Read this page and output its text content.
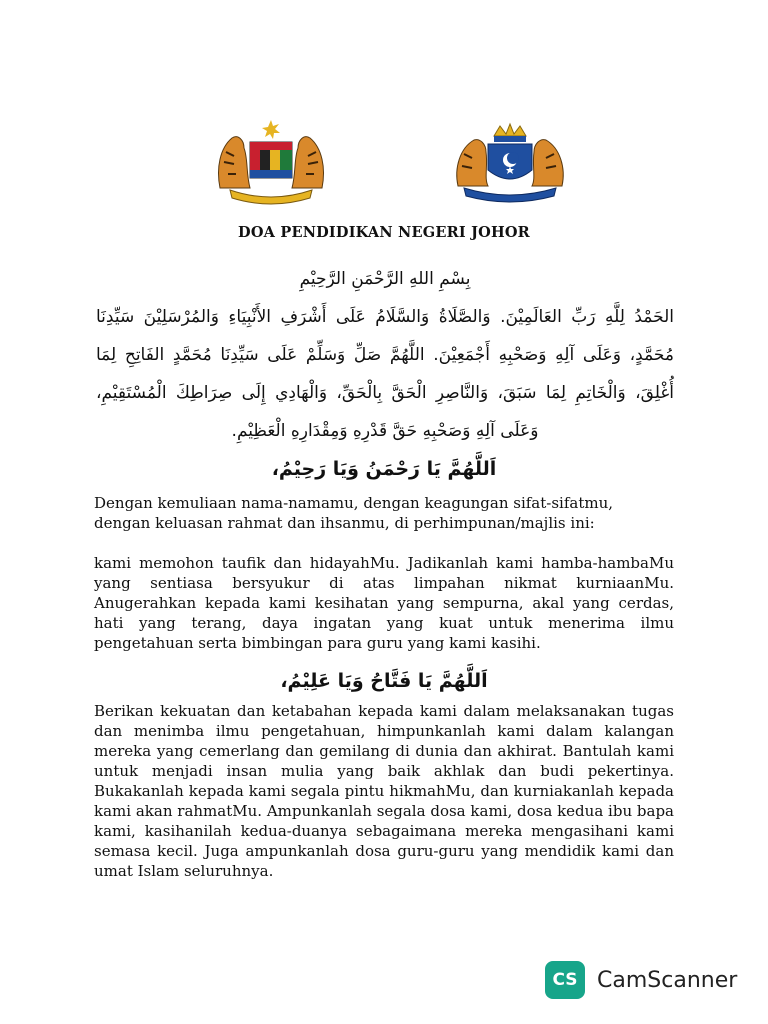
DOA PENDIDIKAN NEGERI JOHOR
بِسْمِ اللهِ الرَّحْمَنِ الرَّحِيْمِ
الحَمْدُ لِلَّهِ رَبِّ العَالَمِيْنَ. وَالصَّلَاةُ وَالسَّلَامُ عَلَى أَشْرَفِ الأَنْبِيَاءِ وَالمُرْسَلِيْنَ سَيِّدِنَا
مُحَمَّدٍ، وَعَلَى آلِهِ وَصَحْبِهِ أَجْمَعِيْنَ. اللَّهُمَّ صَلِّ وَسَلِّمْ عَلَى سَيِّدِنَا مُحَمَّدٍ الفَاتِحِ لِمَا
أُغْلِقَ، وَالْخَاتِمِ لِمَا سَبَقَ، وَالنَّاصِرِ الْحَقَّ بِالْحَقِّ، وَالْهَادِي إِلَى صِرَاطِكَ الْمُسْتَقِيْمِ،
وَعَلَى آلِهِ وَصَحْبِهِ حَقَّ قَدْرِهِ وَمِقْدَارِهِ الْعَظِيْمِ.
اَللَّهُمَّ يَا رَحْمَنُ وَيَا رَحِيْمُ،

Dengan kemuliaan nama-namamu, dengan keagungan sifat-sifatmu, dengan keluasan rahmat dan ihsanmu, di perhimpunan/majlis ini:

kami memohon taufik dan hidayahMu. Jadikanlah kami hamba-hambaMu yang sentiasa bersyukur di atas limpahan nikmat kurniaanMu. Anugerahkan kepada kami kesihatan yang sempurna, akal yang cerdas, hati yang terang, daya ingatan yang kuat untuk menerima ilmu pengetahuan serta bimbingan para guru yang kami kasihi.

اَللَّهُمَّ يَا فَتَّاحُ وَيَا عَلِيْمُ،

Berikan kekuatan dan ketabahan kepada kami dalam melaksanakan tugas dan menimba ilmu pengetahuan, himpunkanlah kami dalam kalangan mereka yang cemerlang dan gemilang di dunia dan akhirat. Bantulah kami untuk menjadi insan mulia yang baik akhlak dan budi pekertinya. Bukakanlah kepada kami segala pintu hikmahMu, dan kurniakanlah kepada kami akan rahmatMu. Ampunkanlah segala dosa kami, dosa kedua ibu bapa kami, kasihanilah kedua-duanya sebagaimana mereka mengasihani kami semasa kecil. Juga ampunkanlah dosa guru-guru yang mendidik kami dan umat Islam seluruhnya.

CS CamScanner
